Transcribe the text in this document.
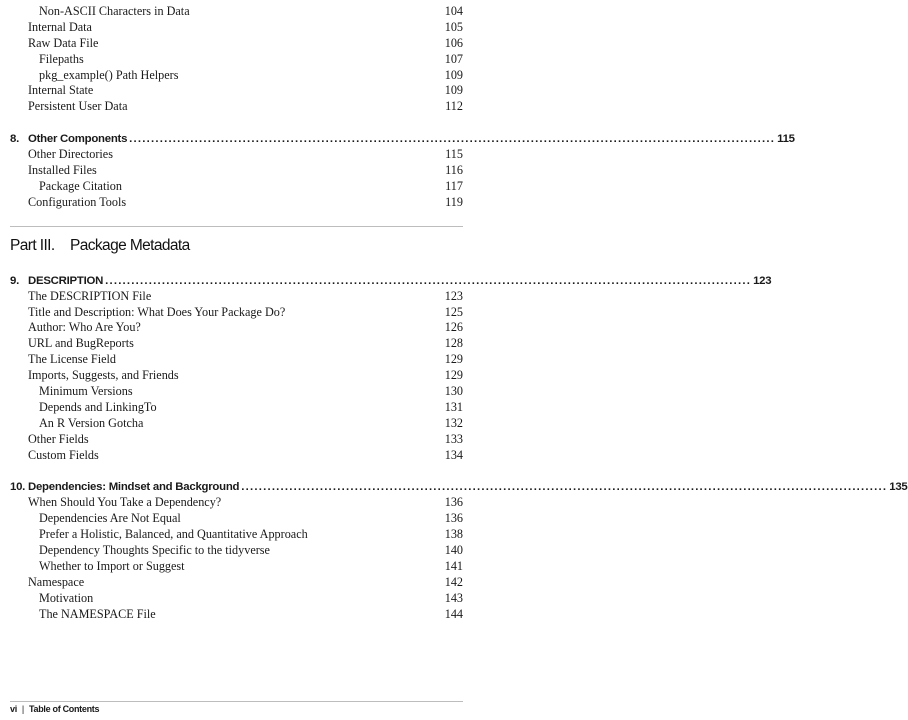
Non-ASCII Characters in Data	104
Internal Data	105
Raw Data File	106
Filepaths	107
pkg_example() Path Helpers	109
Internal State	109
Persistent User Data	112
8. Other Components .................................................................................................................................................... 115
Other Directories	115
Installed Files	116
Package Citation	117
Configuration Tools	119
Part III. Package Metadata
9. DESCRIPTION .................................................................................................................................................... 123
The DESCRIPTION File	123
Title and Description: What Does Your Package Do?	125
Author: Who Are You?	126
URL and BugReports	128
The License Field	129
Imports, Suggests, and Friends	129
Minimum Versions	130
Depends and LinkingTo	131
An R Version Gotcha	132
Other Fields	133
Custom Fields	134
10. Dependencies: Mindset and Background .................................................................................................................................................... 135
When Should You Take a Dependency?	136
Dependencies Are Not Equal	136
Prefer a Holistic, Balanced, and Quantitative Approach	138
Dependency Thoughts Specific to the tidyverse	140
Whether to Import or Suggest	141
Namespace	142
Motivation	143
The NAMESPACE File	144
vi | Table of Contents
